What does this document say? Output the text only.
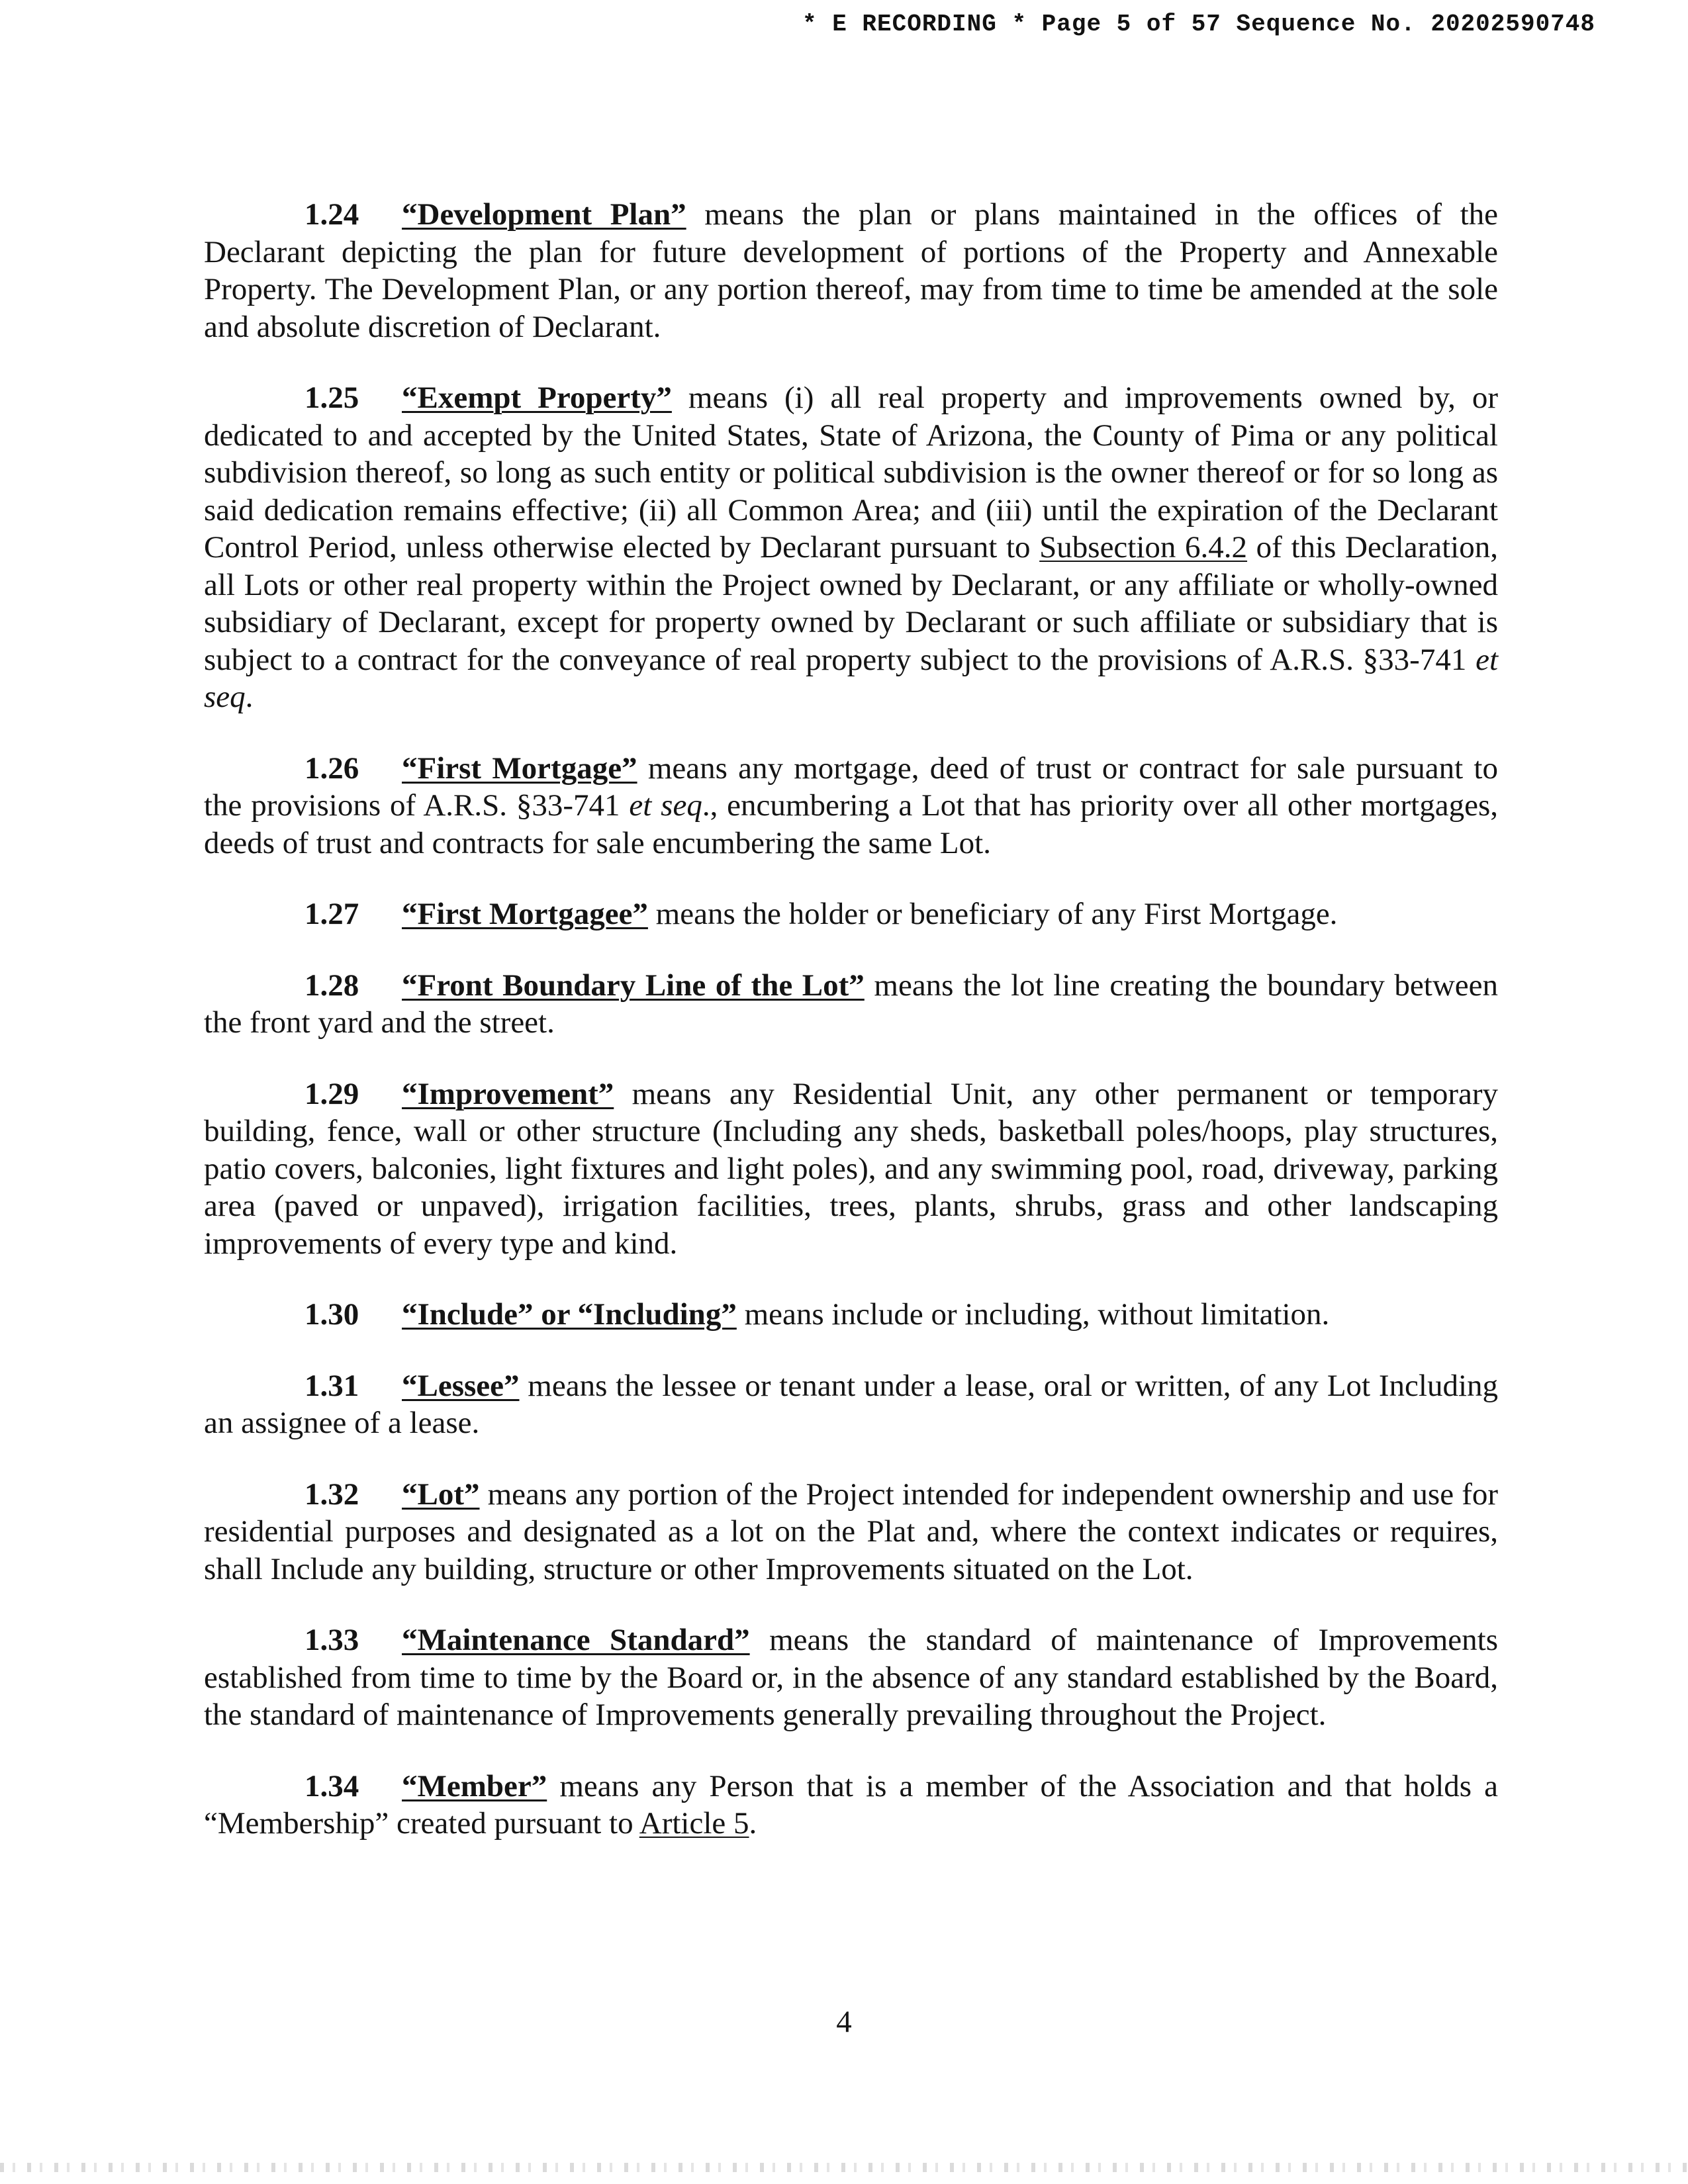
* E RECORDING * Page 5 of 57 Sequence No. 20202590748

1.24 “Development Plan” means the plan or plans maintained in the offices of the Declarant depicting the plan for future development of portions of the Property and Annexable Property. The Development Plan, or any portion thereof, may from time to time be amended at the sole and absolute discretion of Declarant.

1.25 “Exempt Property” means (i) all real property and improvements owned by, or dedicated to and accepted by the United States, State of Arizona, the County of Pima or any political subdivision thereof, so long as such entity or political subdivision is the owner thereof or for so long as said dedication remains effective; (ii) all Common Area; and (iii) until the expiration of the Declarant Control Period, unless otherwise elected by Declarant pursuant to Subsection 6.4.2 of this Declaration, all Lots or other real property within the Project owned by Declarant, or any affiliate or wholly-owned subsidiary of Declarant, except for property owned by Declarant or such affiliate or subsidiary that is subject to a contract for the conveyance of real property subject to the provisions of A.R.S. §33-741 et seq.

1.26 “First Mortgage” means any mortgage, deed of trust or contract for sale pursuant to the provisions of A.R.S. §33-741 et seq., encumbering a Lot that has priority over all other mortgages, deeds of trust and contracts for sale encumbering the same Lot.

1.27 “First Mortgagee” means the holder or beneficiary of any First Mortgage.

1.28 “Front Boundary Line of the Lot” means the lot line creating the boundary between the front yard and the street.

1.29 “Improvement” means any Residential Unit, any other permanent or temporary building, fence, wall or other structure (Including any sheds, basketball poles/hoops, play structures, patio covers, balconies, light fixtures and light poles), and any swimming pool, road, driveway, parking area (paved or unpaved), irrigation facilities, trees, plants, shrubs, grass and other landscaping improvements of every type and kind.

1.30 “Include” or “Including” means include or including, without limitation.

1.31 “Lessee” means the lessee or tenant under a lease, oral or written, of any Lot Including an assignee of a lease.

1.32 “Lot” means any portion of the Project intended for independent ownership and use for residential purposes and designated as a lot on the Plat and, where the context indicates or requires, shall Include any building, structure or other Improvements situated on the Lot.

1.33 “Maintenance Standard” means the standard of maintenance of Improvements established from time to time by the Board or, in the absence of any standard established by the Board, the standard of maintenance of Improvements generally prevailing throughout the Project.

1.34 “Member” means any Person that is a member of the Association and that holds a “Membership” created pursuant to Article 5.

4
